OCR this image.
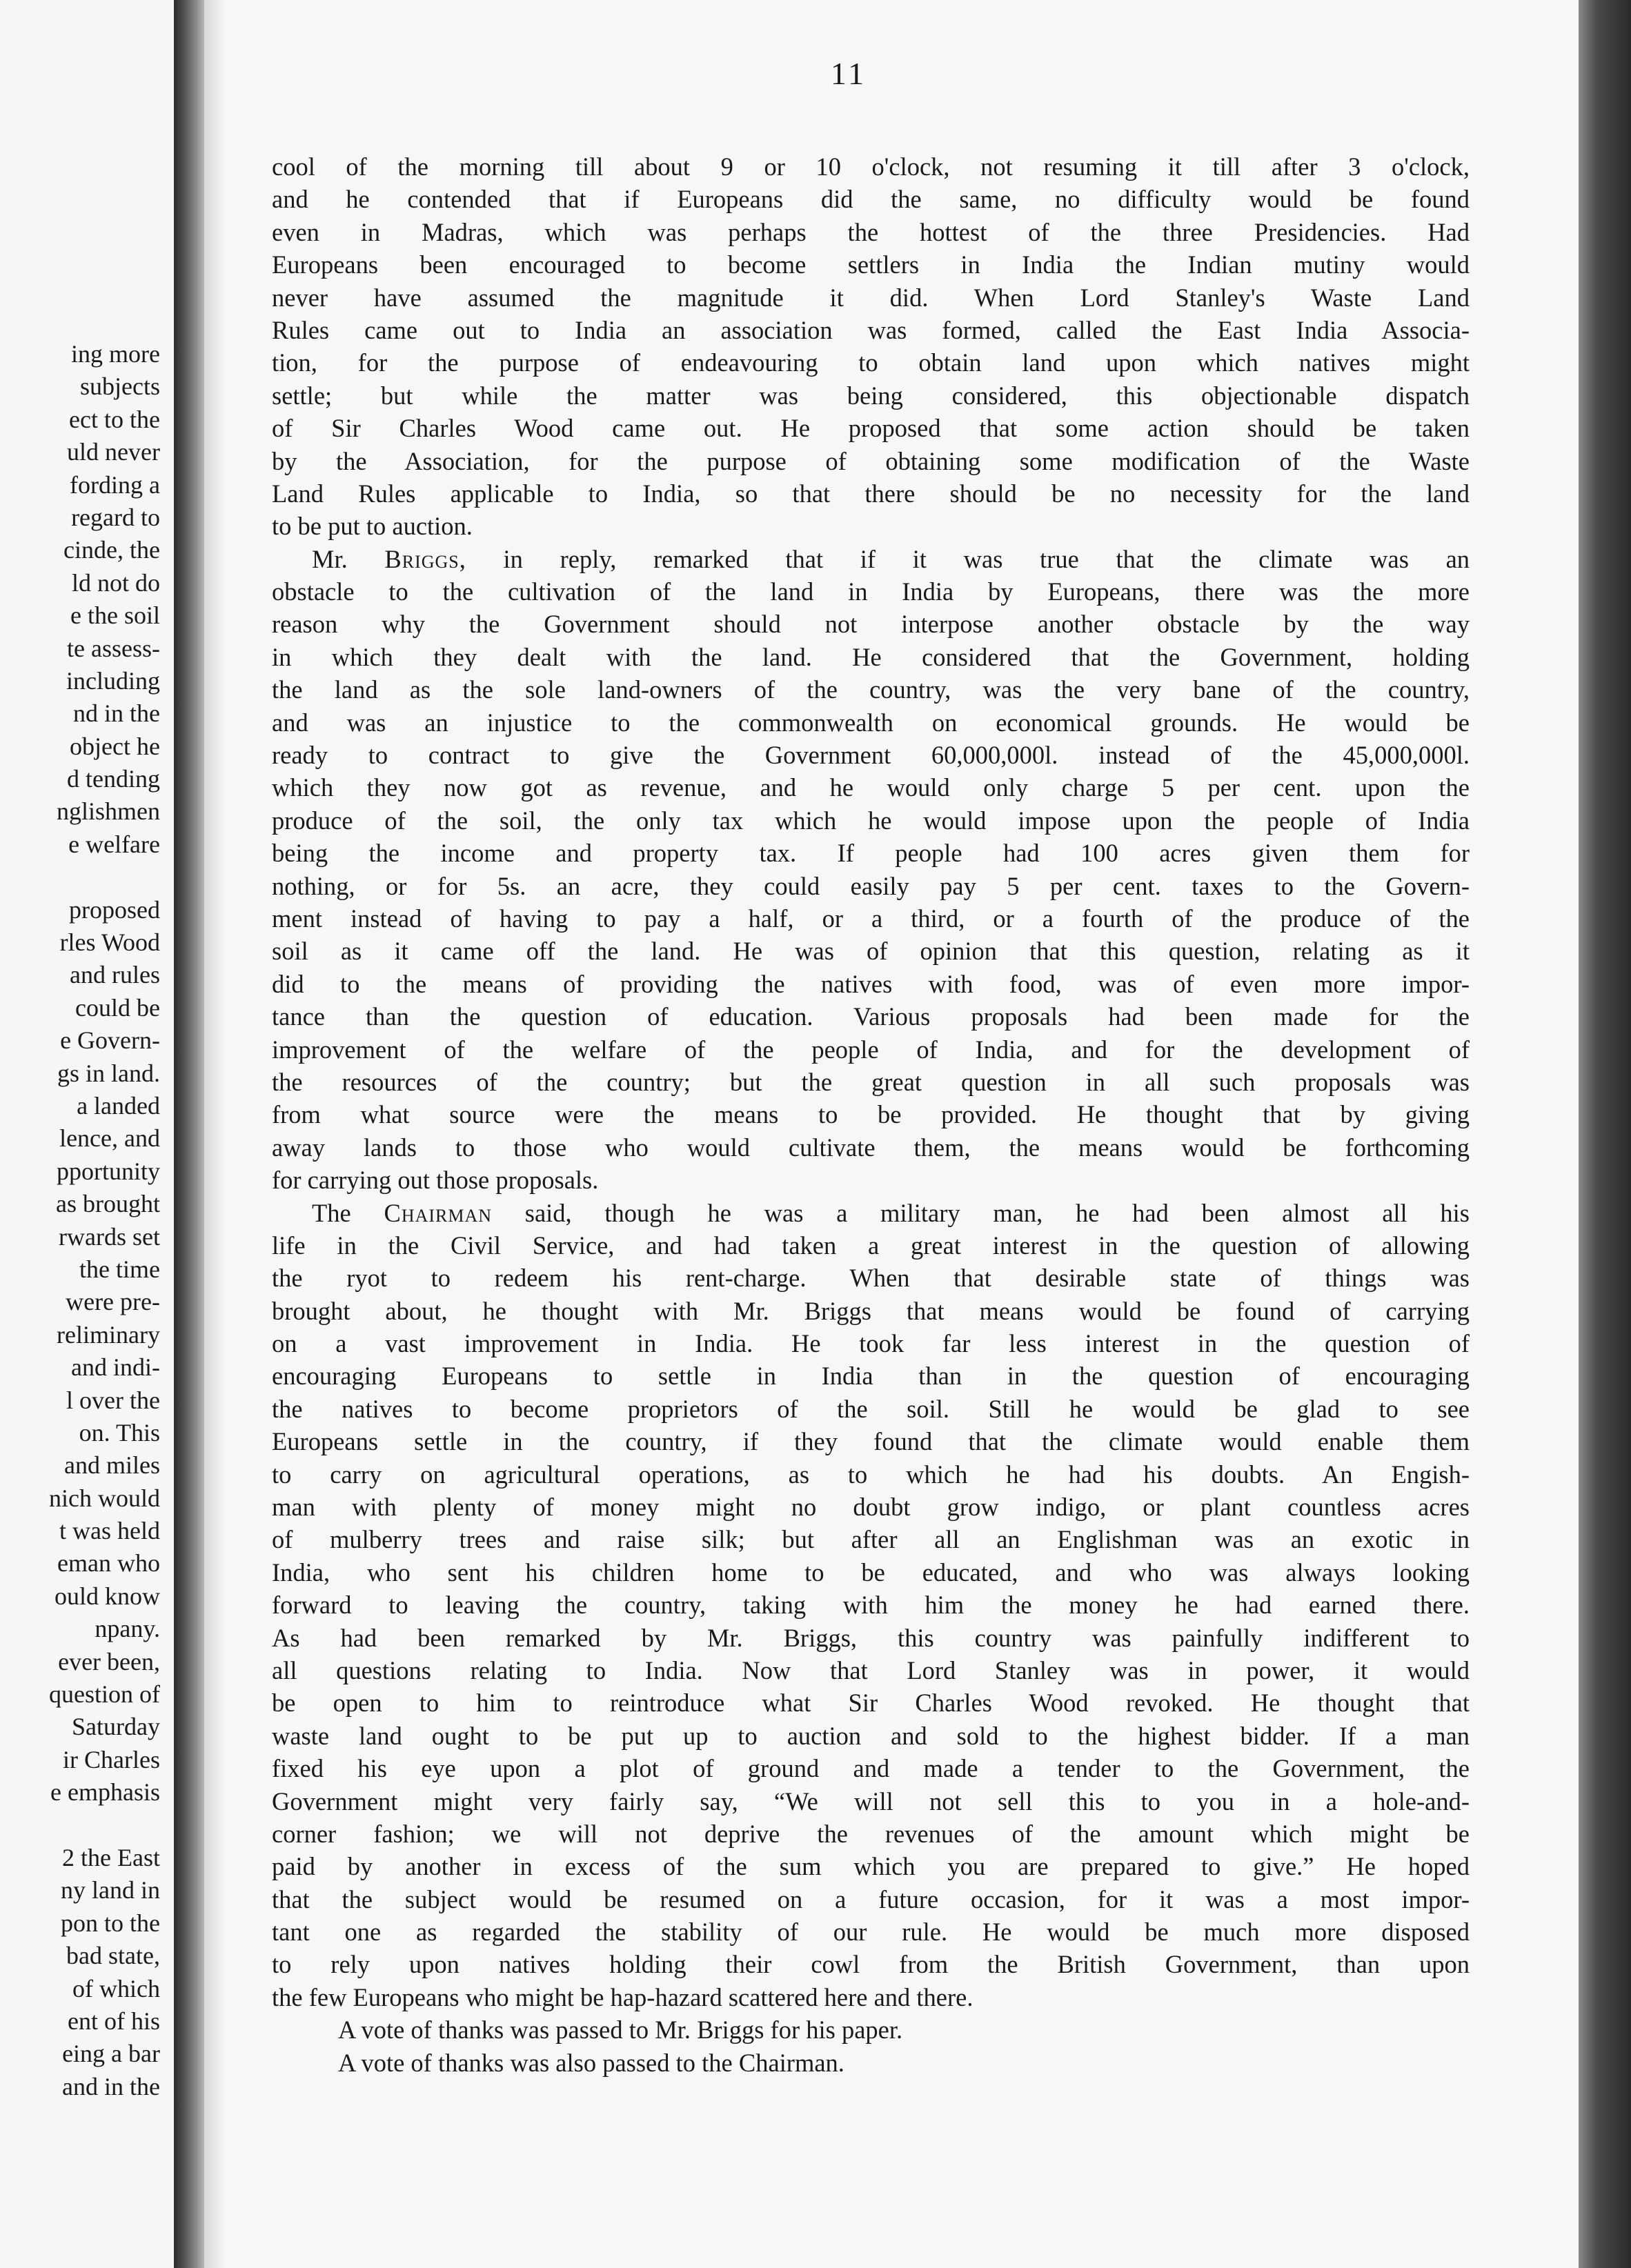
ing more
subjects
ect to the
uld never
fording a
regard to
cinde, the
ld not do
e the soil
te assess-
including
nd in the
object he
d tending
nglishmen
e welfare
proposed
rles Wood
and rules
could be
e Govern-
gs in land.
a landed
lence, and
pportunity
as brought
rwards set
the time
were pre-
reliminary
and indi-
l over the
on. This
and miles
nich would
t was held
eman who
ould know
npany.
ever been,
question of
Saturday
ir Charles
e emphasis
2 the East
ny land in
pon to the
bad state,
of which
ent of his
eing a bar
and in the
11
cool of the morning till about 9 or 10 o'clock, not resuming it till after 3 o'clock,
and he contended that if Europeans did the same, no difficulty would be found
even in Madras, which was perhaps the hottest of the three Presidencies. Had
Europeans been encouraged to become settlers in India the Indian mutiny would
never have assumed the magnitude it did. When Lord Stanley's Waste Land
Rules came out to India an association was formed, called the East India Associa-
tion, for the purpose of endeavouring to obtain land upon which natives might
settle; but while the matter was being considered, this objectionable dispatch
of Sir Charles Wood came out. He proposed that some action should be taken
by the Association, for the purpose of obtaining some modification of the Waste
Land Rules applicable to India, so that there should be no necessity for the land
to be put to auction.
Mr. Briggs, in reply, remarked that if it was true that the climate was an
obstacle to the cultivation of the land in India by Europeans, there was the more
reason why the Government should not interpose another obstacle by the way
in which they dealt with the land. He considered that the Government, holding
the land as the sole land-owners of the country, was the very bane of the country,
and was an injustice to the commonwealth on economical grounds. He would be
ready to contract to give the Government 60,000,000l. instead of the 45,000,000l.
which they now got as revenue, and he would only charge 5 per cent. upon the
produce of the soil, the only tax which he would impose upon the people of India
being the income and property tax. If people had 100 acres given them for
nothing, or for 5s. an acre, they could easily pay 5 per cent. taxes to the Govern-
ment instead of having to pay a half, or a third, or a fourth of the produce of the
soil as it came off the land. He was of opinion that this question, relating as it
did to the means of providing the natives with food, was of even more impor-
tance than the question of education. Various proposals had been made for the
improvement of the welfare of the people of India, and for the development of
the resources of the country; but the great question in all such proposals was
from what source were the means to be provided. He thought that by giving
away lands to those who would cultivate them, the means would be forthcoming
for carrying out those proposals.
The Chairman said, though he was a military man, he had been almost all his
life in the Civil Service, and had taken a great interest in the question of allowing
the ryot to redeem his rent-charge. When that desirable state of things was
brought about, he thought with Mr. Briggs that means would be found of carrying
on a vast improvement in India. He took far less interest in the question of
encouraging Europeans to settle in India than in the question of encouraging
the natives to become proprietors of the soil. Still he would be glad to see
Europeans settle in the country, if they found that the climate would enable them
to carry on agricultural operations, as to which he had his doubts. An Engish-
man with plenty of money might no doubt grow indigo, or plant countless acres
of mulberry trees and raise silk; but after all an Englishman was an exotic in
India, who sent his children home to be educated, and who was always looking
forward to leaving the country, taking with him the money he had earned there.
As had been remarked by Mr. Briggs, this country was painfully indifferent to
all questions relating to India. Now that Lord Stanley was in power, it would
be open to him to reintroduce what Sir Charles Wood revoked. He thought that
waste land ought to be put up to auction and sold to the highest bidder. If a man
fixed his eye upon a plot of ground and made a tender to the Government, the
Government might very fairly say, “We will not sell this to you in a hole-and-
corner fashion; we will not deprive the revenues of the amount which might be
paid by another in excess of the sum which you are prepared to give.” He hoped
that the subject would be resumed on a future occasion, for it was a most impor-
tant one as regarded the stability of our rule. He would be much more disposed
to rely upon natives holding their cowl from the British Government, than upon
the few Europeans who might be hap-hazard scattered here and there.
A vote of thanks was passed to Mr. Briggs for his paper.
A vote of thanks was also passed to the Chairman.
